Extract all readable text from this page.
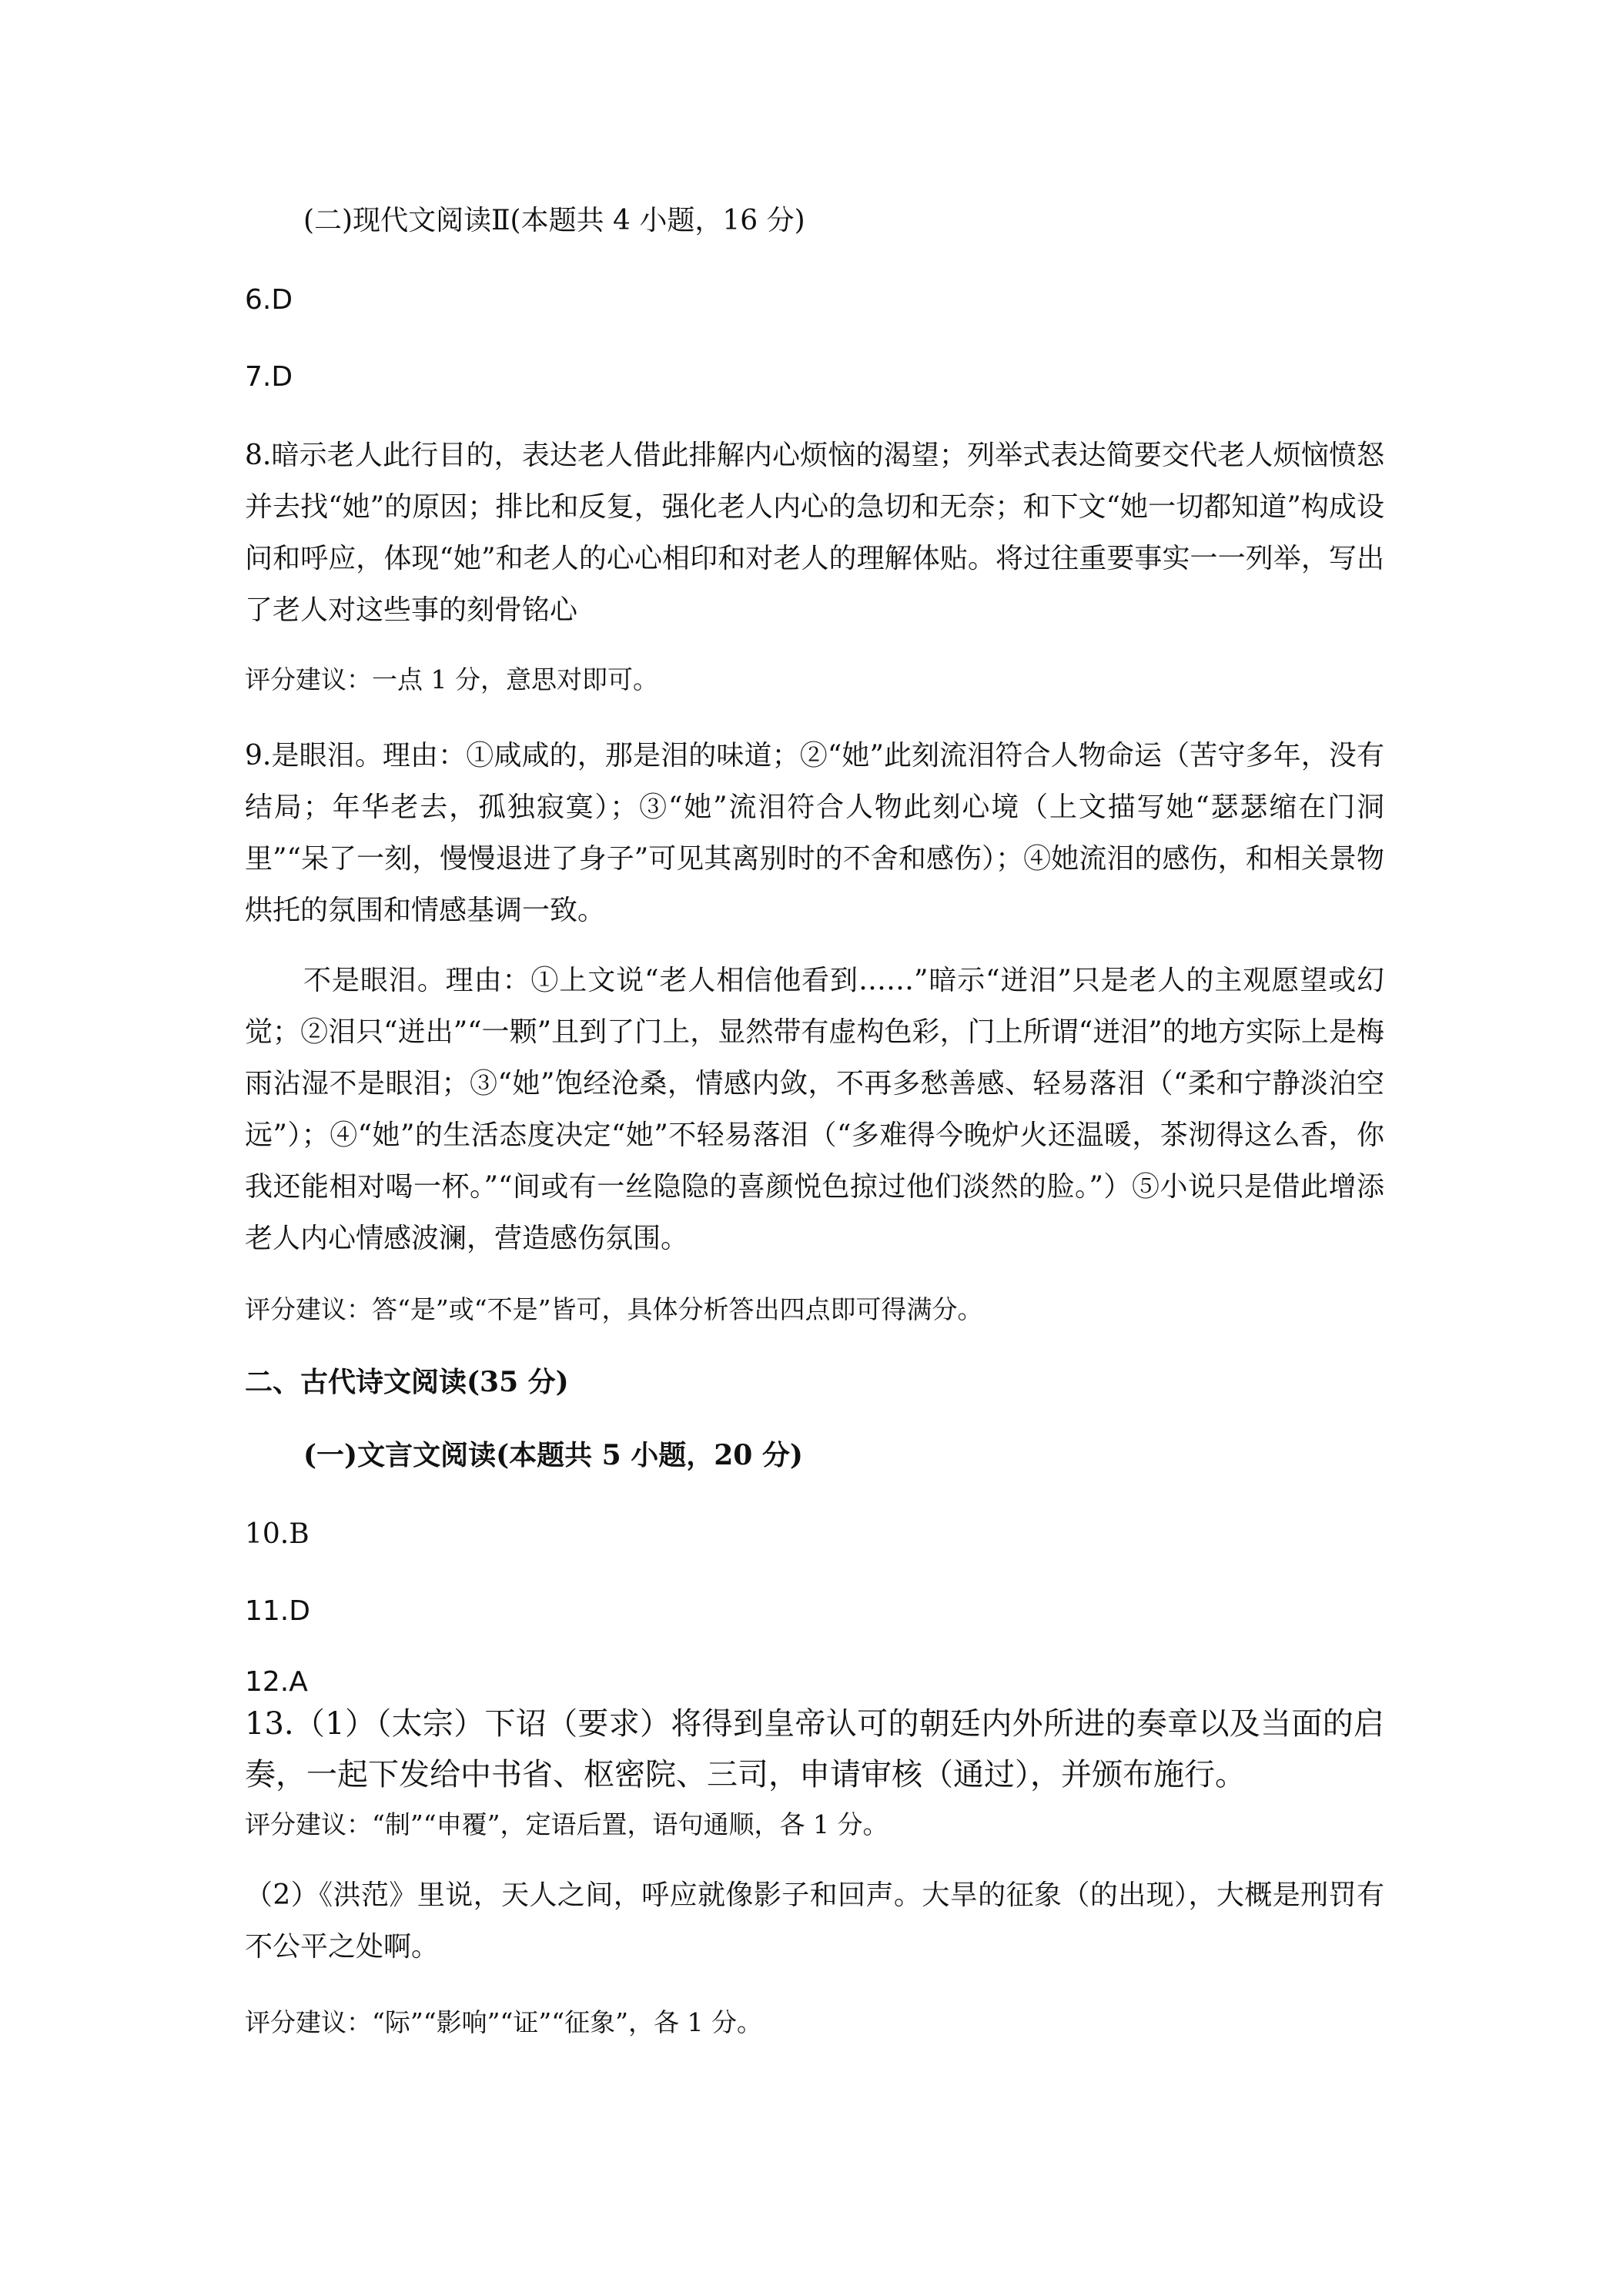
(二)现代文阅读Ⅱ(本题共 4 小题，16 分)
6.D
7.D
8.暗示老人此行目的，表达老人借此排解内心烦恼的渴望；列举式表达简要交代老人烦恼愤怒并去找“她”的原因；排比和反复，强化老人内心的急切和无奈；和下文“她一切都知道”构成设问和呼应，体现“她”和老人的心心相印和对老人的理解体贴。将过往重要事实一一列举，写出了老人对这些事的刻骨铭心
评分建议：一点 1 分，意思对即可。
9.是眼泪。理由：①咸咸的，那是泪的味道；②“她”此刻流泪符合人物命运（苦守多年，没有结局；年华老去，孤独寂寞）；③“她”流泪符合人物此刻心境（上文描写她“瑟瑟缩在门洞里”“呆了一刻，慢慢退进了身子”可见其离别时的不舍和感伤）；④她流泪的感伤，和相关景物烘托的氛围和情感基调一致。
不是眼泪。理由：①上文说“老人相信他看到……”暗示“迸泪”只是老人的主观愿望或幻觉；②泪只“迸出”“一颗”且到了门上，显然带有虚构色彩，门上所谓“迸泪”的地方实际上是梅雨沾湿不是眼泪；③“她”饱经沧桑，情感内敛，不再多愁善感、轻易落泪（“柔和宁静淡泊空远”）；④“她”的生活态度决定“她”不轻易落泪（“多难得今晚炉火还温暖，茶沏得这么香，你我还能相对喝一杯。”“间或有一丝隐隐的喜颜悦色掠过他们淡然的脸。”）⑤小说只是借此增添老人内心情感波澜，营造感伤氛围。
评分建议：答“是”或“不是”皆可，具体分析答出四点即可得满分。
二、古代诗文阅读(35 分)
(一)文言文阅读(本题共 5 小题，20 分)
10.B
11.D
12.A
13.（1）（太宗）下诏（要求）将得到皇帝认可的朝廷内外所进的奏章以及当面的启奏，一起下发给中书省、枢密院、三司，申请审核（通过），并颁布施行。
评分建议：“制”“申覆”，定语后置，语句通顺，各 1 分。
（2）《洪范》里说，天人之间，呼应就像影子和回声。大旱的征象（的出现），大概是刑罚有不公平之处啊。
评分建议：“际”“影响”“证”“征象”，各 1 分。
